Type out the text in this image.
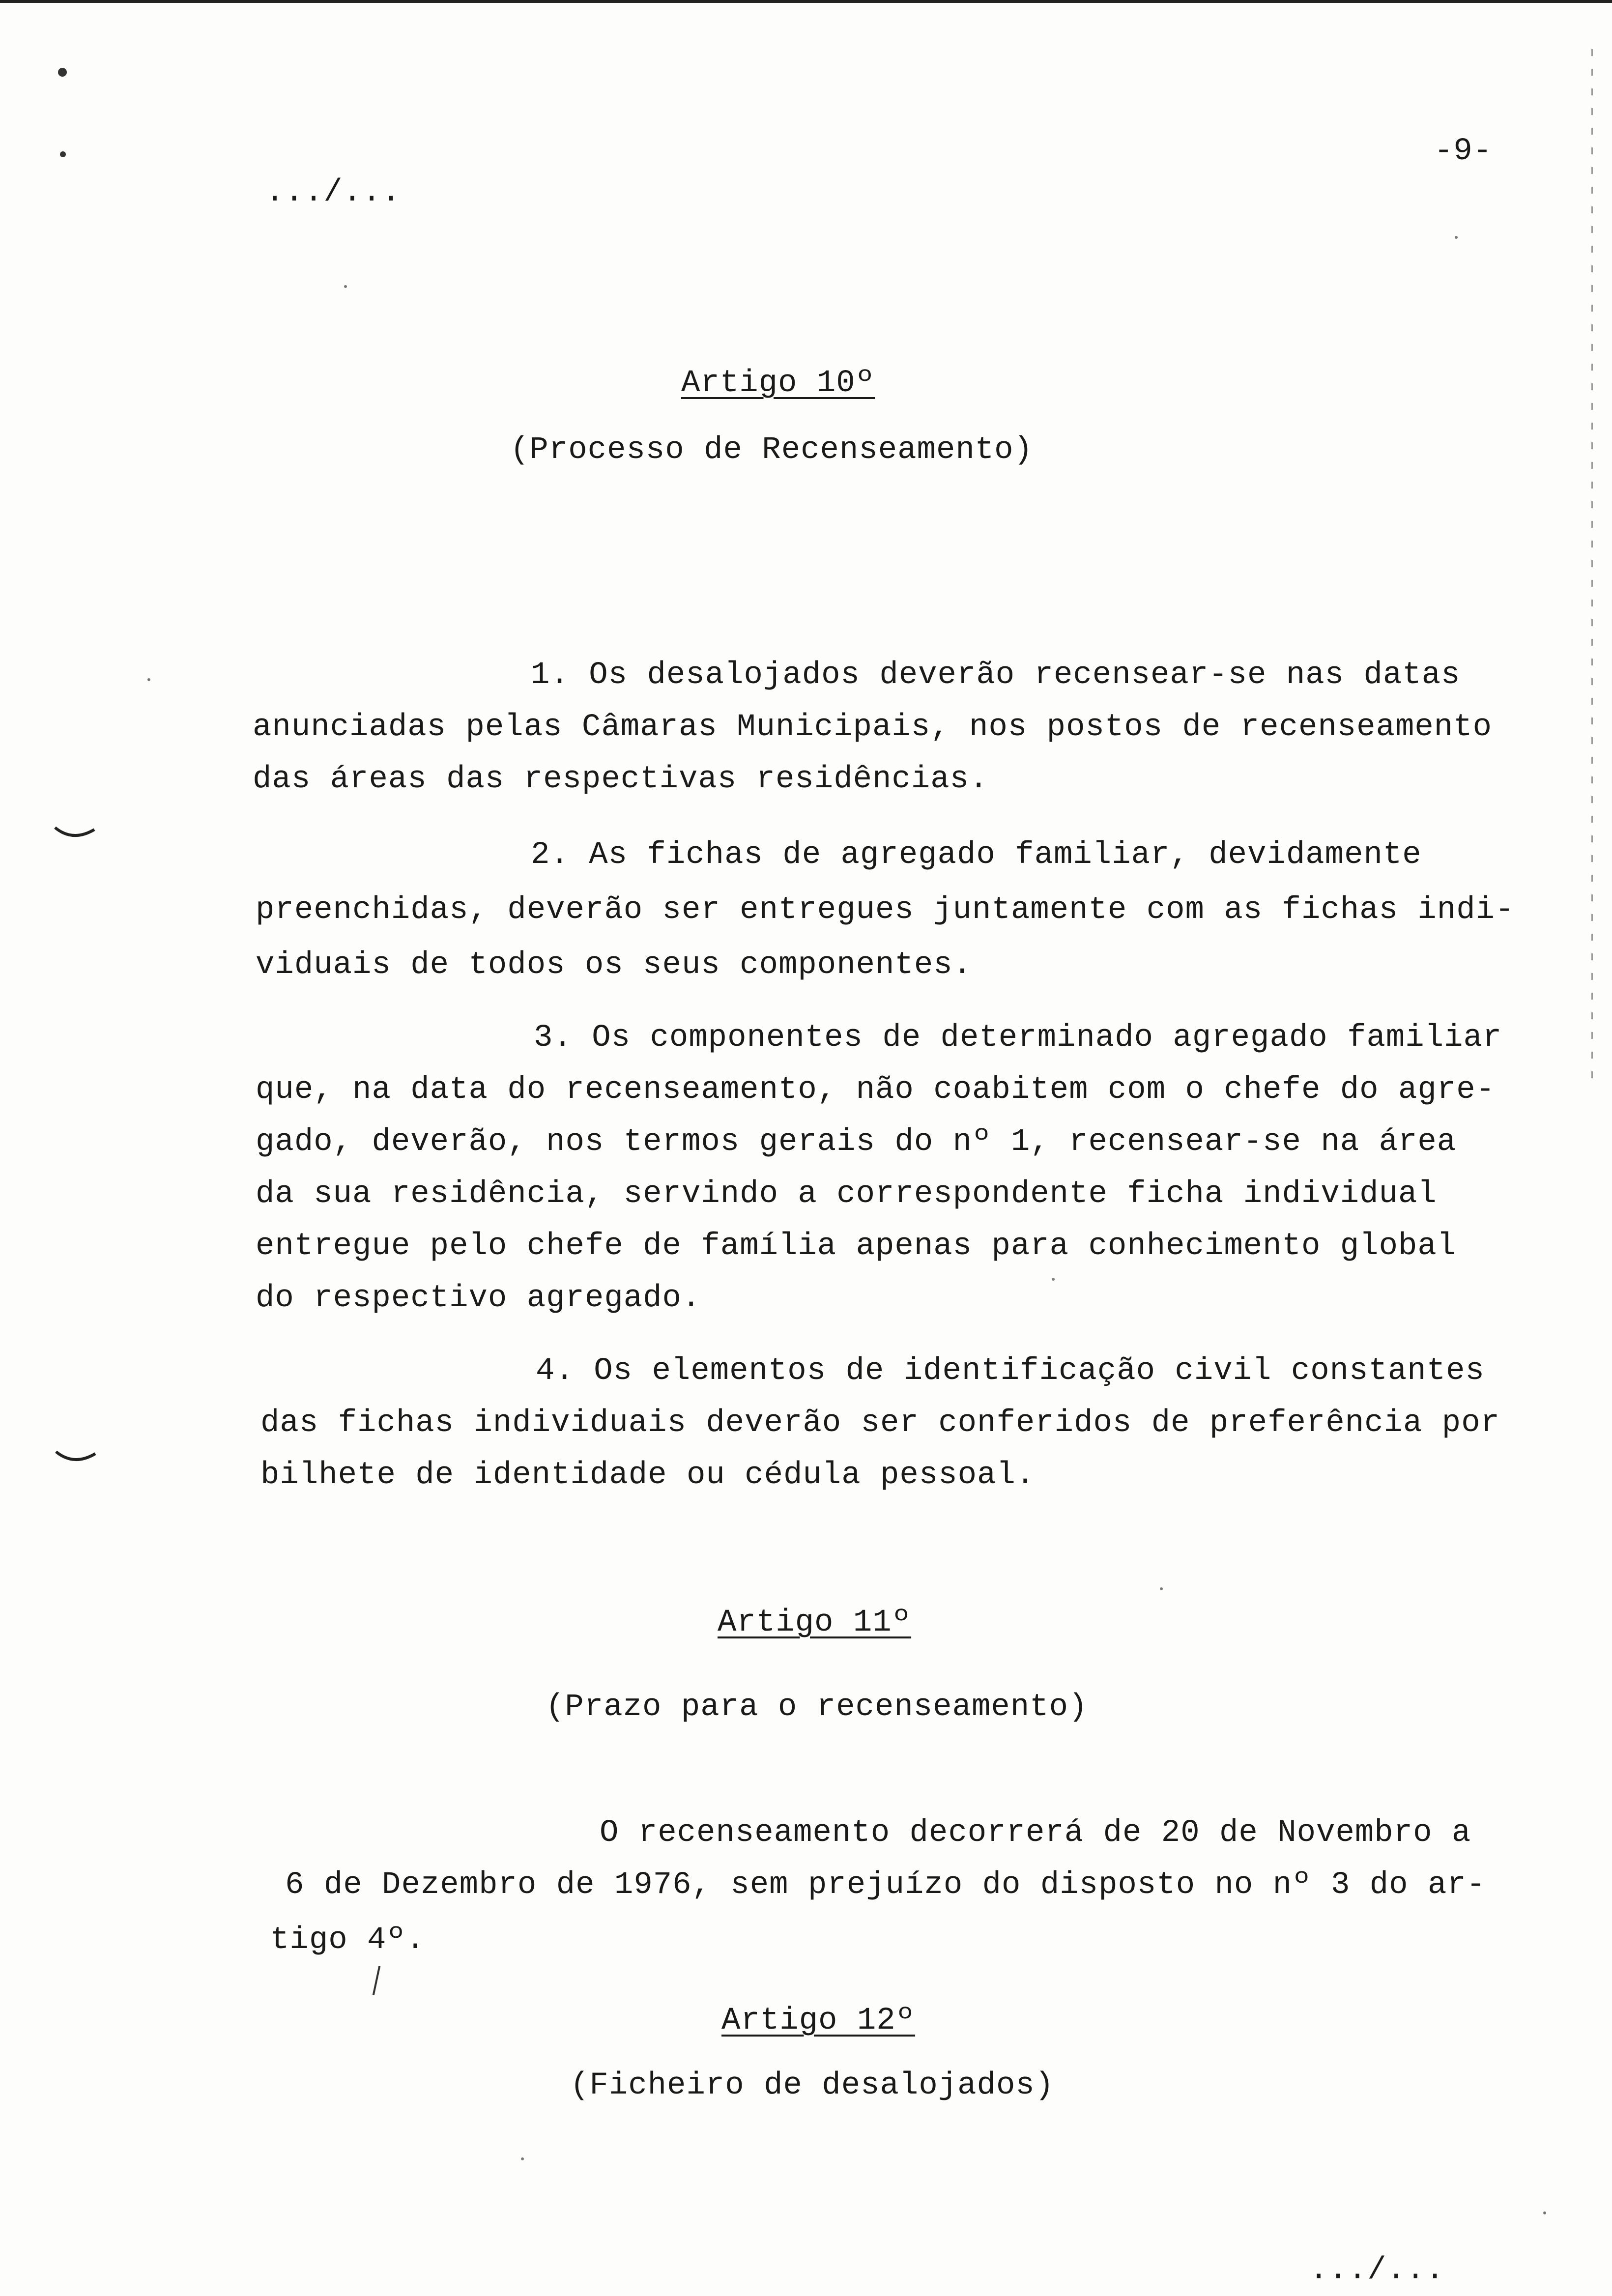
-9-
.../...
Artigo 10º
(Processo de Recenseamento)
1. Os desalojados deverão recensear-se nas datas
anunciadas pelas Câmaras Municipais, nos postos de recenseamento
das áreas das respectivas residências.
2. As fichas de agregado familiar, devidamente
preenchidas, deverão ser entregues juntamente com as fichas indi-
viduais de todos os seus componentes.
3. Os componentes de determinado agregado familiar
que, na data do recenseamento, não coabitem com o chefe do agre-
gado, deverão, nos termos gerais do nº 1, recensear-se na área
da sua residência, servindo a correspondente ficha individual
entregue pelo chefe de família apenas para conhecimento global
do respectivo agregado.
4. Os elementos de identificação civil constantes
das fichas individuais deverão ser conferidos de preferência por
bilhete de identidade ou cédula pessoal.
Artigo 11º
(Prazo para o recenseamento)
O recenseamento decorrerá de 20 de Novembro a
6 de Dezembro de 1976, sem prejuízo do disposto no nº 3 do ar-
tigo 4º.
Artigo 12º
(Ficheiro de desalojados)
.../...
